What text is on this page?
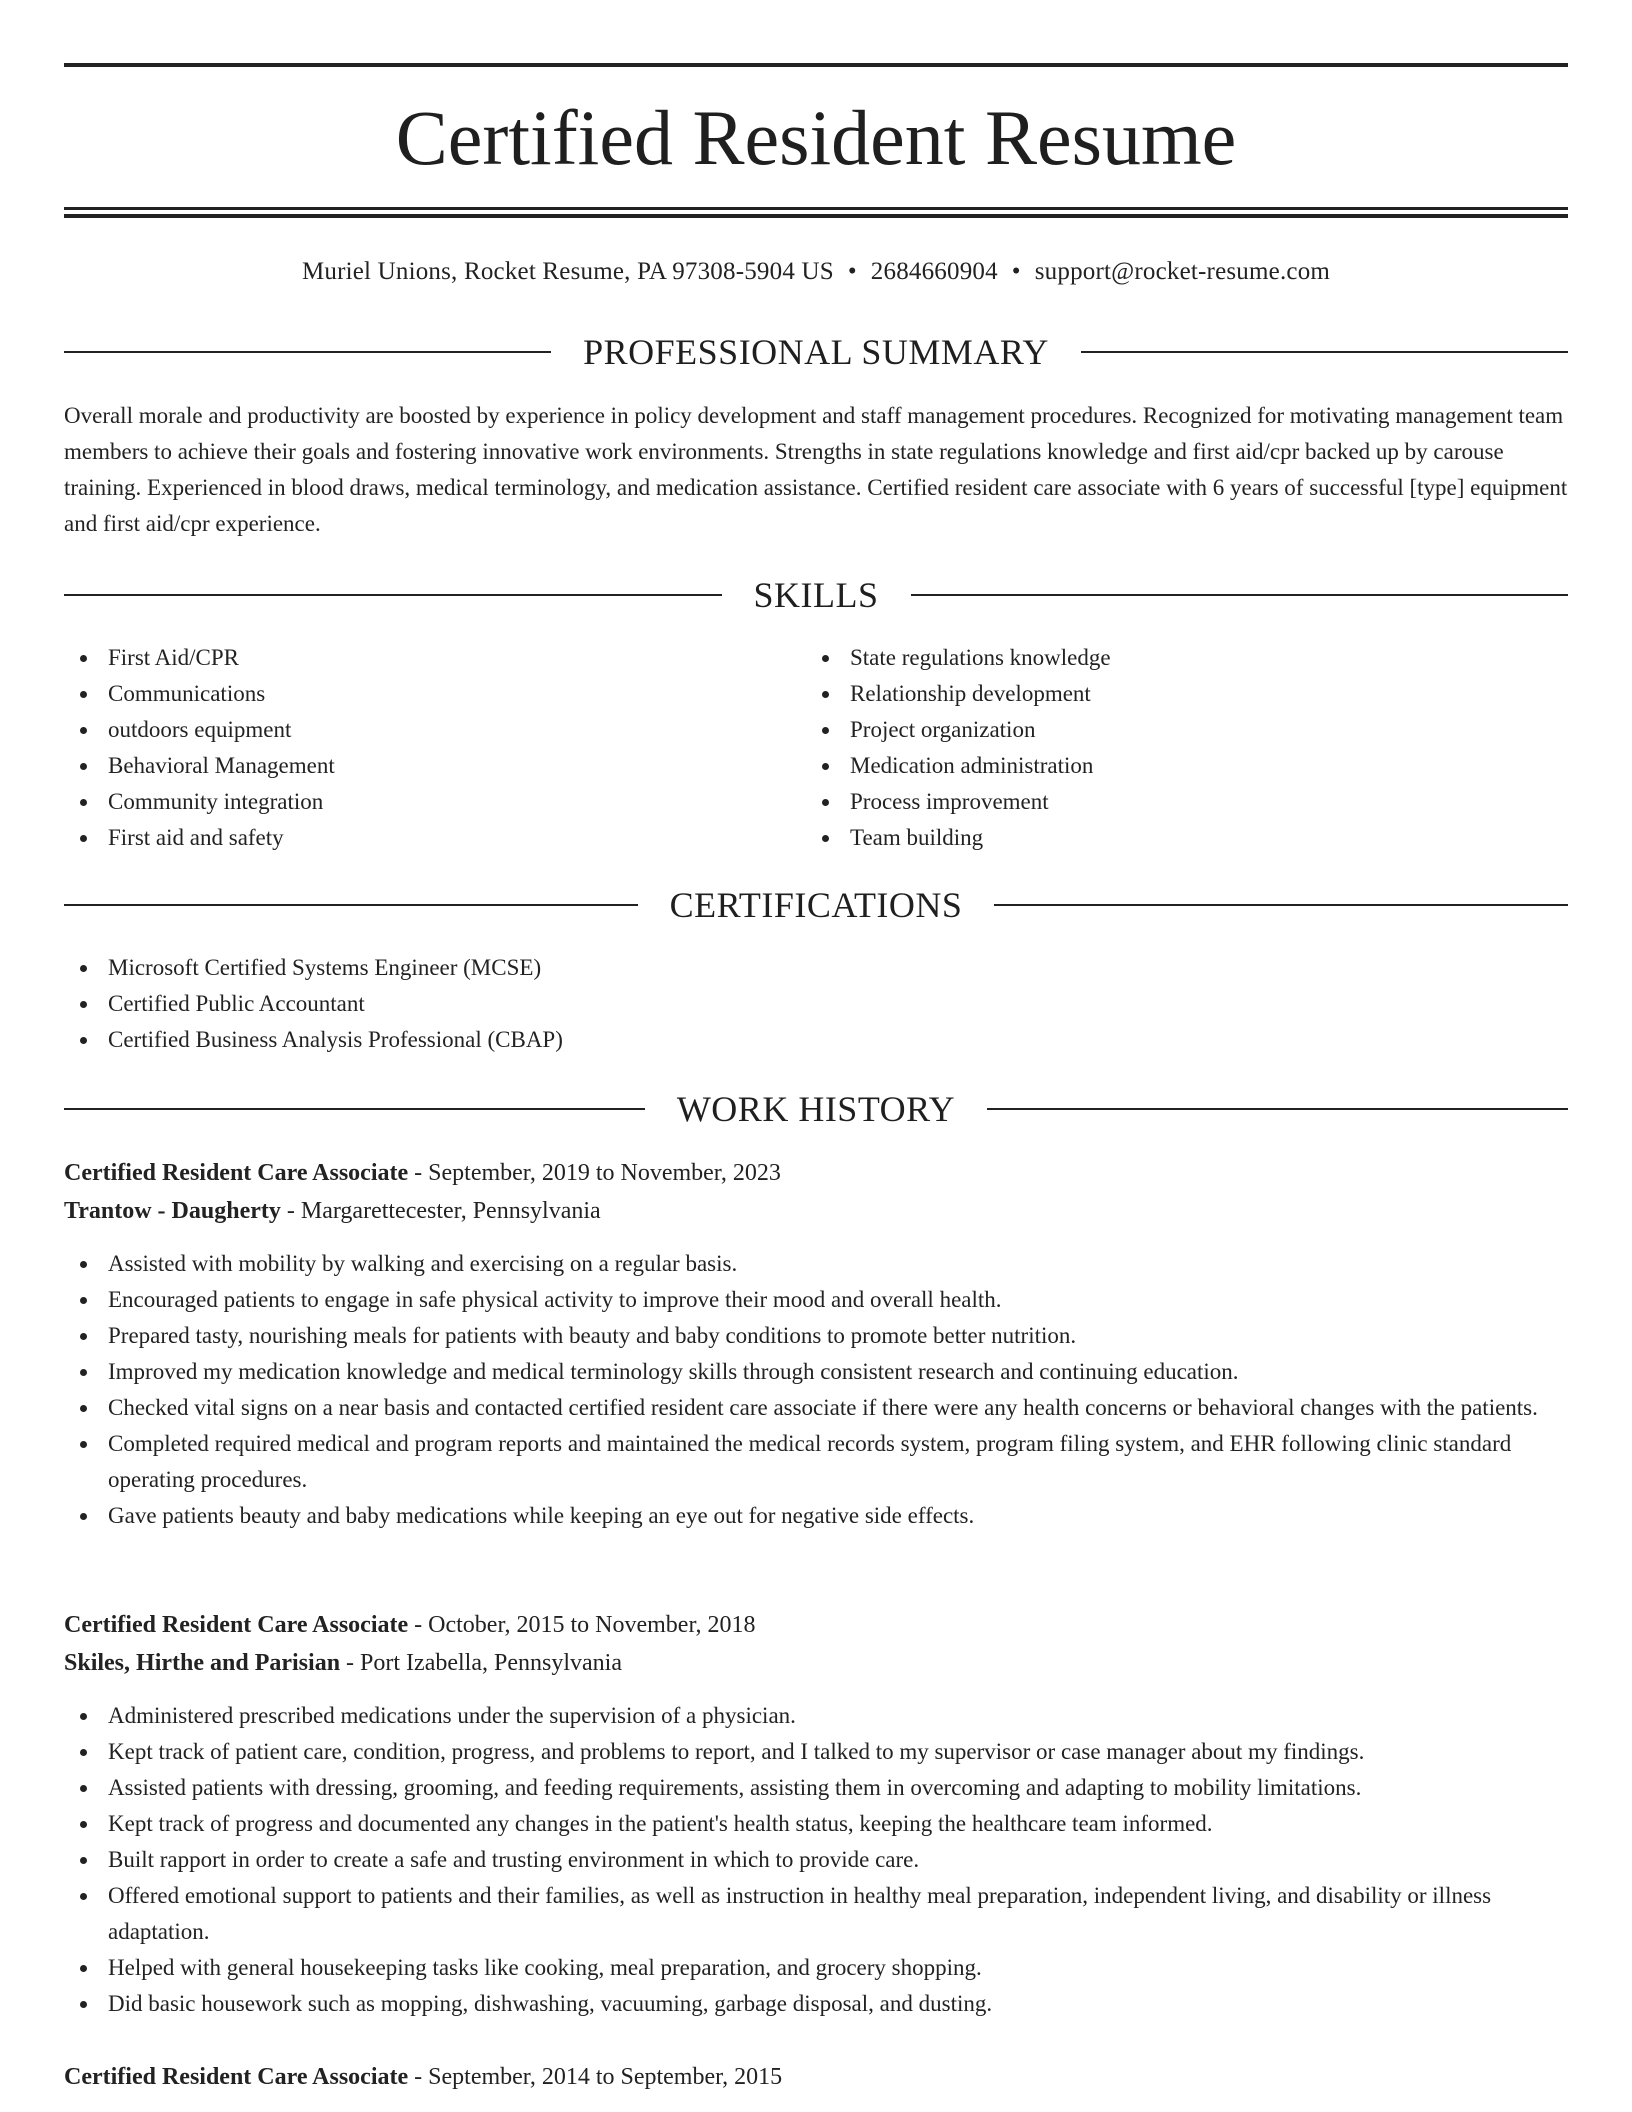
Certified Resident Resume
Muriel Unions, Rocket Resume, PA 97308-5904 US • 2684660904 • support@rocket-resume.com
PROFESSIONAL SUMMARY

Overall morale and productivity are boosted by experience in policy development and staff management procedures. Recognized for motivating management team members to achieve their goals and fostering innovative work environments. Strengths in state regulations knowledge and first aid/cpr backed up by carouse training. Experienced in blood draws, medical terminology, and medication assistance. Certified resident care associate with 6 years of successful [type] equipment and first aid/cpr experience.

SKILLS
First Aid/CPR
Communications
outdoors equipment
Behavioral Management
Community integration
First aid and safety
State regulations knowledge
Relationship development
Project organization
Medication administration
Process improvement
Team building
CERTIFICATIONS
Microsoft Certified Systems Engineer (MCSE)
Certified Public Accountant
Certified Business Analysis Professional (CBAP)
WORK HISTORY
Certified Resident Care Associate - September, 2019 to November, 2023
Trantow - Daugherty - Margarettecester, Pennsylvania
Assisted with mobility by walking and exercising on a regular basis.
Encouraged patients to engage in safe physical activity to improve their mood and overall health.
Prepared tasty, nourishing meals for patients with beauty and baby conditions to promote better nutrition.
Improved my medication knowledge and medical terminology skills through consistent research and continuing education.
Checked vital signs on a near basis and contacted certified resident care associate if there were any health concerns or behavioral changes with the patients.
Completed required medical and program reports and maintained the medical records system, program filing system, and EHR following clinic standard operating procedures.
Gave patients beauty and baby medications while keeping an eye out for negative side effects.
Certified Resident Care Associate - October, 2015 to November, 2018
Skiles, Hirthe and Parisian - Port Izabella, Pennsylvania
Administered prescribed medications under the supervision of a physician.
Kept track of patient care, condition, progress, and problems to report, and I talked to my supervisor or case manager about my findings.
Assisted patients with dressing, grooming, and feeding requirements, assisting them in overcoming and adapting to mobility limitations.
Kept track of progress and documented any changes in the patient's health status, keeping the healthcare team informed.
Built rapport in order to create a safe and trusting environment in which to provide care.
Offered emotional support to patients and their families, as well as instruction in healthy meal preparation, independent living, and disability or illness adaptation.
Helped with general housekeeping tasks like cooking, meal preparation, and grocery shopping.
Did basic housework such as mopping, dishwashing, vacuuming, garbage disposal, and dusting.
Certified Resident Care Associate - September, 2014 to September, 2015
